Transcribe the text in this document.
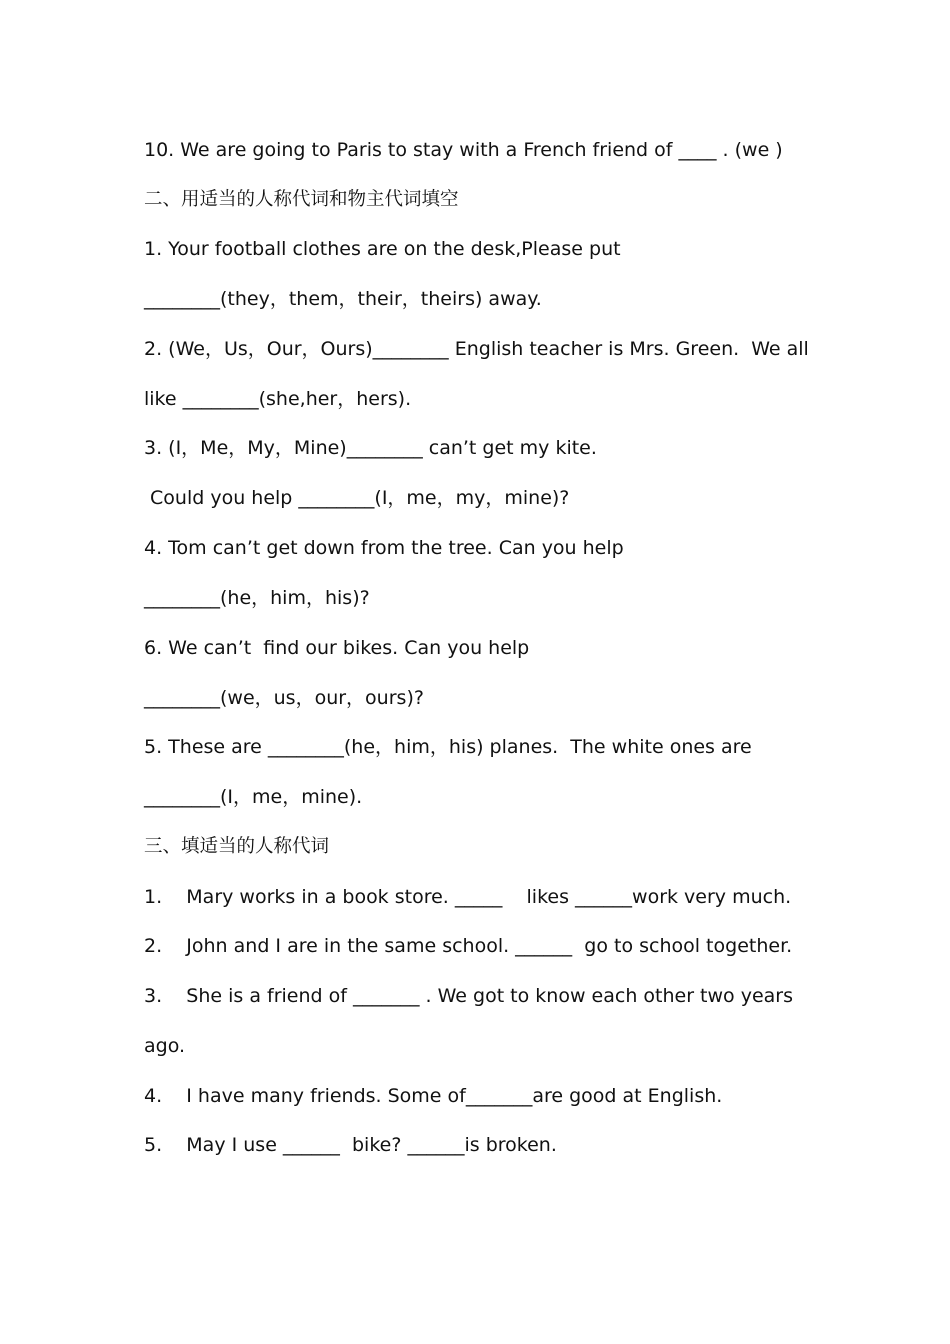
10. We are going to Paris to stay with a French friend of ____ . (we )
二、用适当的人称代词和物主代词填空
1. Your football clothes are on the desk,Please put
________(they，them，their，theirs) away.
2. (We，Us，Our，Ours)________ English teacher is Mrs. Green.  We all
like ________(she,her，hers).
3. (I，Me，My，Mine)________ can’t get my kite.
Could you help ________(I，me，my，mine)?
4. Tom can’t get down from the tree. Can you help
________(he，him，his)?
6. We can’t  find our bikes. Can you help
________(we，us，our，ours)?
5. These are ________(he，him，his) planes.  The white ones are
________(I，me，mine).
三、填适当的人称代词
1.    Mary works in a book store. _____    likes ______work very much.
2.    John and I are in the same school. ______  go to school together.
3.    She is a friend of _______ . We got to know each other two years
ago.
4.    I have many friends. Some of_______are good at English.
5.    May I use ______  bike? ______is broken.
